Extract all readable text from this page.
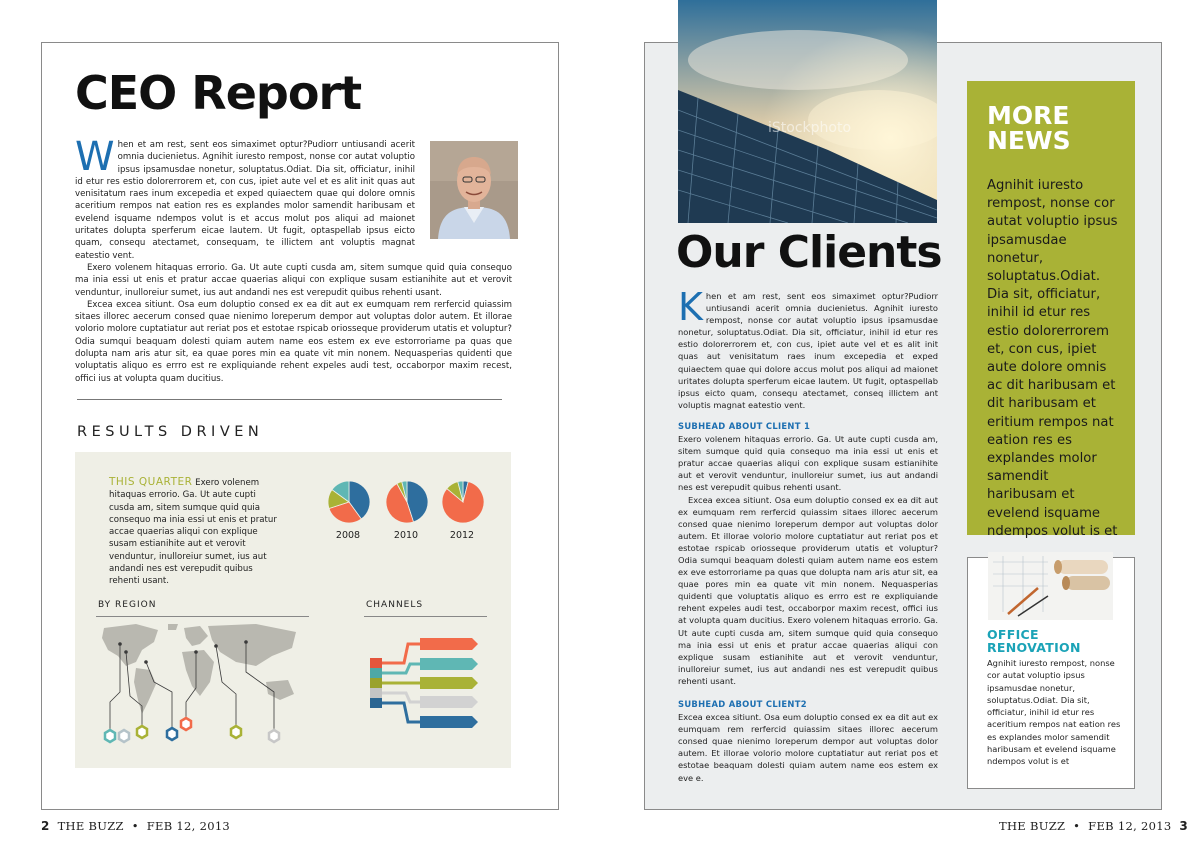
CEO Report

When et am rest, sent eos simaximet optur?Pudiorr untiusandi acerit omnia ducienietus. Agnihit iuresto rempost, nonse cor autat voluptio ipsus ipsamusdae nonetur, soluptatus.Odiat. Dia sit, officiatur, inihil id etur res estio dolorerrorem et, con cus, ipiet aute vel et es alit init quas aut venisitatum raes inum excepedia et exped quiaectem quae qui dolore omnis aceritium rempos nat eation res es explandes molor samendit haribusam et evelend isquame ndempos volut is et accus molut pos aliqui ad maionet uritates dolupta sperferum eicae lautem. Ut fugit, optaspellab ipsus eicto quam, consequ atectamet, consequam, te illictem ant voluptis magnat eatestio vent.

Exero volenem hitaquas errorio. Ga. Ut aute cupti cusda am, sitem sumque quid quia consequo ma inia essi ut enis et pratur accae quaerias aliqui con explique susam estianihite aut et verovit venduntur, inulloreiur sumet, ius aut andandi nes est verepudit quibus rehenti usant.

Excea excea sitiunt. Osa eum doluptio consed ex ea dit aut ex eumquam rem rerfercid quiassim sitaes illorec aecerum consed quae nienimo loreperum dempor aut voluptas dolor autem. Et illorae volorio molore cuptatiatur aut reriat pos et estotae rspicab oriosseque providerum utatis et voluptur? Odia sumqui beaquam dolesti quiam autem name eos estem ex eve estorroriame pa quas que dolupta nam aris atur sit, ea quae pores min ea quate vit min nonem. Nequasperias quidenti que voluptatis aliquo es errro est re expliquiande rehent expeles audi test, occaborpor maxim recest, offici ius at volupta quam ducitius.

RESULTS DRIVEN
THIS QUARTER Exero volenem hitaquas errorio. Ga. Ut aute cupti cusda am, sitem sumque quid quia consequo ma inia essi ut enis et pratur accae quaerias aliqui con explique susam estianihite aut et verovit venduntur, inulloreiur sumet, ius aut andandi nes est verepudit quibus rehenti usant.
2008	2010	2012
BY REGION	CHANNELS
2 THE BUZZ  •  FEB 12, 2013
iStockphoto
Our Clients

Khen et am rest, sent eos simaximet optur?Pudiorr untiusandi acerit omnia ducienietus. Agnihit iuresto rempost, nonse cor autat voluptio ipsus ipsamusdae nonetur, soluptatus.Odiat. Dia sit, officiatur, inihil id etur res estio dolorerrorem et, con cus, ipiet aute vel et es alit init quas aut venisitatum raes inum excepedia et exped quiaectem quae qui dolore accus molut pos aliqui ad maionet uritates dolupta sperferum eicae lautem. Ut fugit, optaspellab ipsus eicto quam, consequ atectamet, conseq illictem ant voluptis magnat eatestio vent.

SUBHEAD ABOUT CLIENT 1

Exero volenem hitaquas errorio. Ga. Ut aute cupti cusda am, sitem sumque quid quia consequo ma inia essi ut enis et pratur accae quaerias aliqui con explique susam estianihite aut et verovit venduntur, inulloreiur sumet, ius aut andandi nes est verepudit quibus rehenti usant.

Excea excea sitiunt. Osa eum doluptio consed ex ea dit aut ex eumquam rem rerfercid quiassim sitaes illorec aecerum consed quae nienimo loreperum dempor aut voluptas dolor autem. Et illorae volorio molore cuptatiatur aut reriat pos et estotae rspicab oriosseque providerum utatis et voluptur? Odia sumqui beaquam dolesti quiam autem name eos estem ex eve estorroriame pa quas que dolupta nam aris atur sit, ea quae pores min ea quate vit min nonem. Nequasperias quidenti que voluptatis aliquo es errro est re expliquiande rehent expeles audi test, occaborpor maxim recest, offici ius at volupta quam ducitius. Exero volenem hitaquas errorio. Ga. Ut aute cupti cusda am, sitem sumque quid quia consequo ma inia essi ut enis et pratur accae quaerias aliqui con explique susam estianihite aut et verovit venduntur, inulloreiur sumet, ius aut andandi nes est verepudit quibus rehenti usant.

SUBHEAD ABOUT CLIENT2

Excea excea sitiunt. Osa eum doluptio consed ex ea dit aut ex eumquam rem rerfercid quiassim sitaes illorec aecerum consed quae nienimo loreperum dempor aut voluptas dolor autem. Et illorae volorio molore cuptatiatur aut reriat pos et estotae beaquam dolesti quiam autem name eos estem ex eve e.

MORE
NEWS
Agnihit iuresto rempost, nonse cor autat voluptio ipsus ipsamusdae nonetur, soluptatus.Odiat. Dia sit, officiatur, inihil id etur res estio dolorerrorem et, con cus, ipiet aute dolore omnis ac dit haribusam et dit haribusam et eritium rempos nat eation res es explandes molor samendit haribusam et evelend isquame ndempos volut is et
OFFICE
RENOVATION
Agnihit iuresto rempost, nonse cor autat voluptio ipsus ipsamusdae nonetur, soluptatus.Odiat. Dia sit, officiatur, inihil id etur res aceritium rempos nat eation res es explandes molor samendit haribusam et evelend isquame ndempos volut is et
THE BUZZ  •  FEB 12, 2013 3
